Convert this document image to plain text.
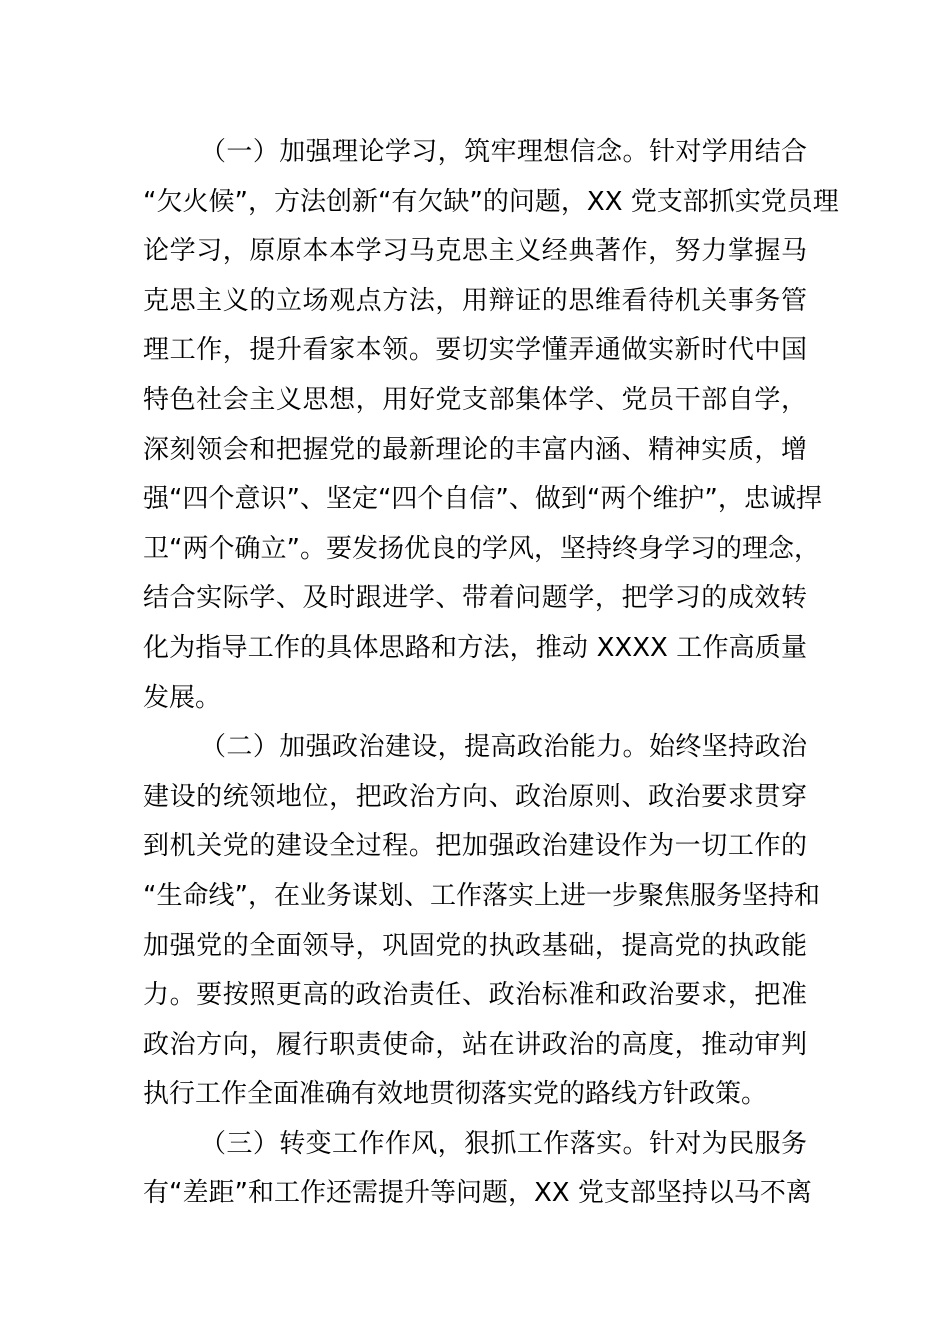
（一）加强理论学习，筑牢理想信念。针对学用结合
“欠火候”，方法创新“有欠缺”的问题，XX 党支部抓实党员理
论学习，原原本本学习马克思主义经典著作，努力掌握马
克思主义的立场观点方法，用辩证的思维看待机关事务管
理工作，提升看家本领。要切实学懂弄通做实新时代中国
特色社会主义思想，用好党支部集体学、党员干部自学，
深刻领会和把握党的最新理论的丰富内涵、精神实质，增
强“四个意识”、坚定“四个自信”、做到“两个维护”，忠诚捍
卫“两个确立”。要发扬优良的学风，坚持终身学习的理念，
结合实际学、及时跟进学、带着问题学，把学习的成效转
化为指导工作的具体思路和方法，推动 XXXX 工作高质量
发展。
（二）加强政治建设，提高政治能力。始终坚持政治
建设的统领地位，把政治方向、政治原则、政治要求贯穿
到机关党的建设全过程。把加强政治建设作为一切工作的
“生命线”，在业务谋划、工作落实上进一步聚焦服务坚持和
加强党的全面领导，巩固党的执政基础，提高党的执政能
力。要按照更高的政治责任、政治标准和政治要求，把准
政治方向，履行职责使命，站在讲政治的高度，推动审判
执行工作全面准确有效地贯彻落实党的路线方针政策。
（三）转变工作作风，狠抓工作落实。针对为民服务
有“差距”和工作还需提升等问题，XX 党支部坚持以马不离
